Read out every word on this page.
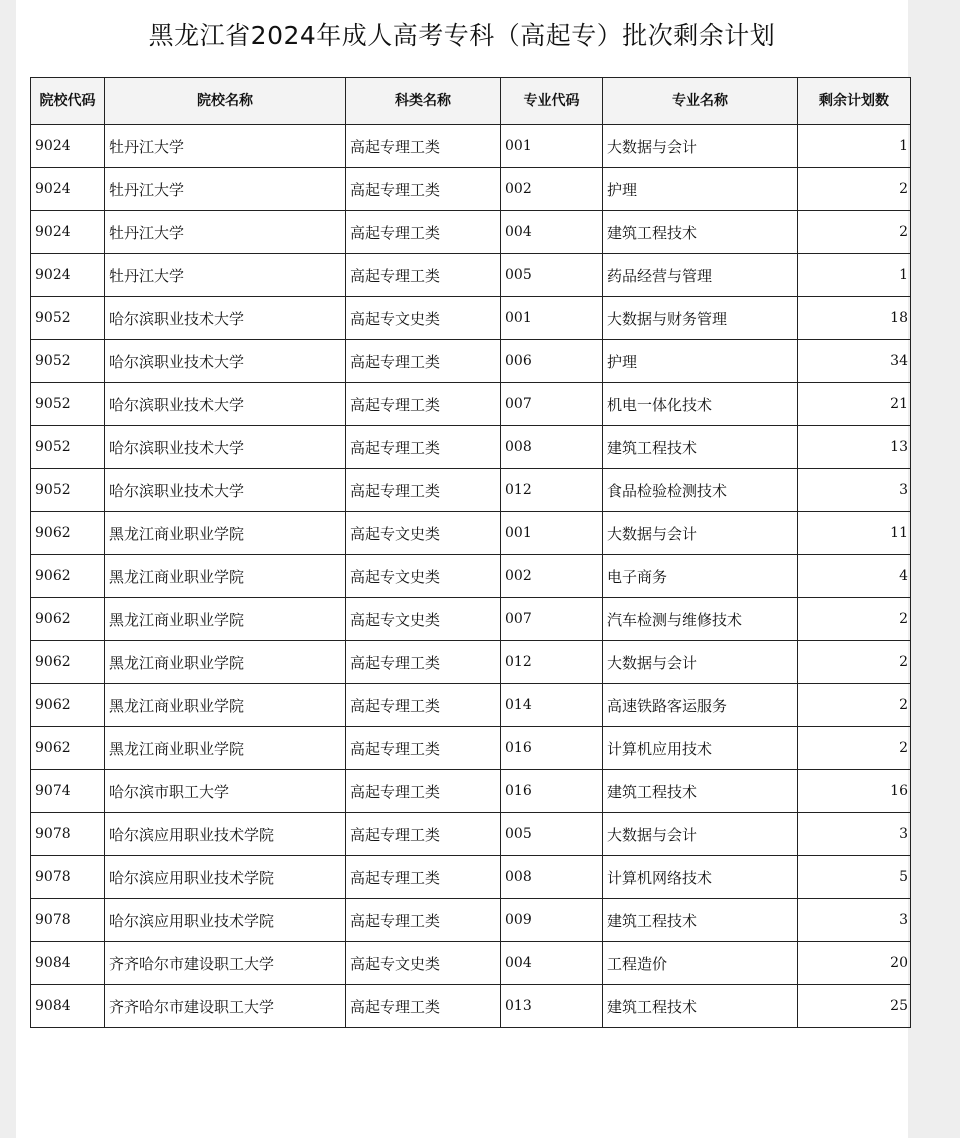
黑龙江省2024年成人高考专科（高起专）批次剩余计划
院校代码	院校名称	科类名称	专业代码	专业名称	剩余计划数
9024	牡丹江大学	高起专理工类	001	大数据与会计	1
9024	牡丹江大学	高起专理工类	002	护理	2
9024	牡丹江大学	高起专理工类	004	建筑工程技术	2
9024	牡丹江大学	高起专理工类	005	药品经营与管理	1
9052	哈尔滨职业技术大学	高起专文史类	001	大数据与财务管理	18
9052	哈尔滨职业技术大学	高起专理工类	006	护理	34
9052	哈尔滨职业技术大学	高起专理工类	007	机电一体化技术	21
9052	哈尔滨职业技术大学	高起专理工类	008	建筑工程技术	13
9052	哈尔滨职业技术大学	高起专理工类	012	食品检验检测技术	3
9062	黑龙江商业职业学院	高起专文史类	001	大数据与会计	11
9062	黑龙江商业职业学院	高起专文史类	002	电子商务	4
9062	黑龙江商业职业学院	高起专文史类	007	汽车检测与维修技术	2
9062	黑龙江商业职业学院	高起专理工类	012	大数据与会计	2
9062	黑龙江商业职业学院	高起专理工类	014	高速铁路客运服务	2
9062	黑龙江商业职业学院	高起专理工类	016	计算机应用技术	2
9074	哈尔滨市职工大学	高起专理工类	016	建筑工程技术	16
9078	哈尔滨应用职业技术学院	高起专理工类	005	大数据与会计	3
9078	哈尔滨应用职业技术学院	高起专理工类	008	计算机网络技术	5
9078	哈尔滨应用职业技术学院	高起专理工类	009	建筑工程技术	3
9084	齐齐哈尔市建设职工大学	高起专文史类	004	工程造价	20
9084	齐齐哈尔市建设职工大学	高起专理工类	013	建筑工程技术	25
